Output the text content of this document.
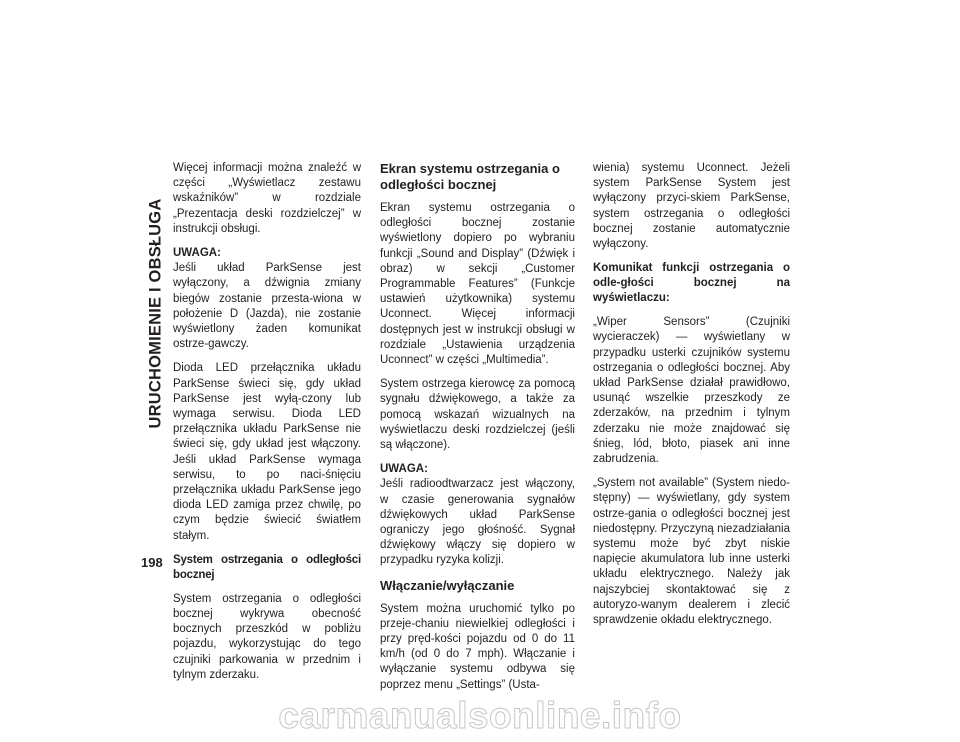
URUCHOMIENIE I OBSŁUGA
198

Więcej informacji można znaleźć w części „Wyświetlacz zestawu wskaźników” w rozdziale „Prezentacja deski rozdzielczej” w instrukcji obsługi.

UWAGA:
Jeśli układ ParkSense jest wyłączony, a dźwignia zmiany biegów zostanie przesta-wiona w położenie D (Jazda), nie zostanie wyświetlony żaden komunikat ostrze-gawczy.

Dioda LED przełącznika układu ParkSense świeci się, gdy układ ParkSense jest wyłą-czony lub wymaga serwisu. Dioda LED przełącznika układu ParkSense nie świeci się, gdy układ jest włączony. Jeśli układ ParkSense wymaga serwisu, to po naci-śnięciu przełącznika układu ParkSense jego dioda LED zamiga przez chwilę, po czym będzie świecić światłem stałym.

System ostrzegania o odległości bocznej

System ostrzegania o odległości bocznej wykrywa obecność bocznych przeszkód w pobliżu pojazdu, wykorzystując do tego czujniki parkowania w przednim i tylnym zderzaku.

Ekran systemu ostrzegania o odległości bocznej

Ekran systemu ostrzegania o odległości bocznej zostanie wyświetlony dopiero po wybraniu funkcji „Sound and Display” (Dźwięk i obraz) w sekcji „Customer Programmable Features” (Funkcje ustawień użytkownika) systemu Uconnect. Więcej informacji dostępnych jest w instrukcji obsługi w rozdziale „Ustawienia urządzenia Uconnect” w części „Multimedia”.

System ostrzega kierowcę za pomocą sygnału dźwiękowego, a także za pomocą wskazań wizualnych na wyświetlaczu deski rozdzielczej (jeśli są włączone).

UWAGA:
Jeśli radioodtwarzacz jest włączony, w czasie generowania sygnałów dźwiękowych układ ParkSense ograniczy jego głośność. Sygnał dźwiękowy włączy się dopiero w przypadku ryzyka kolizji.

Włączanie/wyłączanie

System można uruchomić tylko po przeje-chaniu niewielkiej odległości i przy pręd-kości pojazdu od 0 do 11 km/h (od 0 do 7 mph). Włączanie i wyłączanie systemu odbywa się poprzez menu „Settings” (Usta-

wienia) systemu Uconnect. Jeżeli system ParkSense System jest wyłączony przyci-skiem ParkSense, system ostrzegania o odległości bocznej zostanie automatycznie wyłączony.

Komunikat funkcji ostrzegania o odle-głości bocznej na wyświetlaczu:

„Wiper Sensors” (Czujniki wycieraczek) — wyświetlany w przypadku usterki czujników systemu ostrzegania o odległości bocznej. Aby układ ParkSense działał prawidłowo, usunąć wszelkie przeszkody ze zderzaków, na przednim i tylnym zderzaku nie może znajdować się śnieg, lód, błoto, piasek ani inne zabrudzenia.

„System not available” (System niedo-stępny) — wyświetlany, gdy system ostrze-gania o odległości bocznej jest niedostępny. Przyczyną niezadziałania systemu może być zbyt niskie napięcie akumulatora lub inne usterki układu elektrycznego. Należy jak najszybciej skontaktować się z autoryzo-wanym dealerem i zlecić sprawdzenie okładu elektrycznego.

carmanualsonline.info
